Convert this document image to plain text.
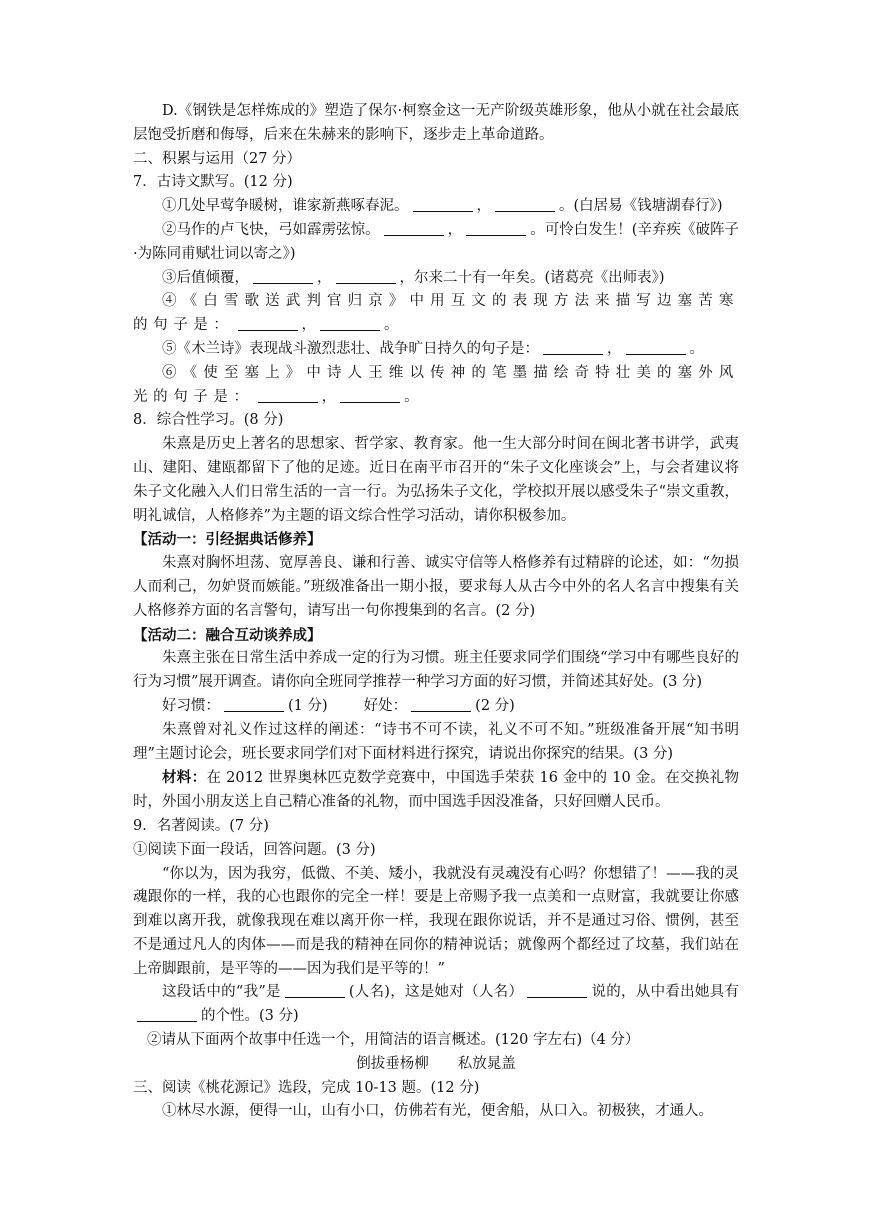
D.《钢铁是怎样炼成的》塑造了保尔·柯察金这一无产阶级英雄形象，他从小就在社会最底层饱受折磨和侮辱，后来在朱赫来的影响下，逐步走上革命道路。

二、积累与运用（27 分）

7．古诗文默写。(12 分)

①几处早莺争暖树，谁家新燕啄春泥。	，	。(白居易《钱塘湖春行》)

②马作的卢飞快，弓如霹雳弦惊。	，	。可怜白发生！(辛弃疾《破阵子·为陈同甫赋壮词以寄之》)

③后值倾覆，	，	，尔来二十有一年矣。(诸葛亮《出师表》)

④《白雪歌送武判官归京》中用互文的表现方法来描写边塞苦寒的句子是：	，	。

⑤《木兰诗》表现战斗激烈悲壮、战争旷日持久的句子是：	，	。

⑥《使至塞上》中诗人王维以传神的笔墨描绘奇特壮美的塞外风光的句子是：	，	。

8．综合性学习。(8 分)

朱熹是历史上著名的思想家、哲学家、教育家。他一生大部分时间在闽北著书讲学，武夷山、建阳、建瓯都留下了他的足迹。近日在南平市召开的“朱子文化座谈会”上，与会者建议将朱子文化融入人们日常生活的一言一行。为弘扬朱子文化，学校拟开展以感受朱子“崇文重教，明礼诚信，人格修养”为主题的语文综合性学习活动，请你积极参加。

【活动一：引经据典话修养】

朱熹对胸怀坦荡、宽厚善良、谦和行善、诚实守信等人格修养有过精辟的论述，如：“勿损人而利己，勿妒贤而嫉能。”班级准备出一期小报，要求每人从古今中外的名人名言中搜集有关人格修养方面的名言警句，请写出一句你搜集到的名言。(2 分)

【活动二：融合互动谈养成】

朱熹主张在日常生活中养成一定的行为习惯。班主任要求同学们围绕“学习中有哪些良好的行为习惯”展开调查。请你向全班同学推荐一种学习方面的好习惯，并简述其好处。(3 分)

好习惯：	(1 分) 好处：	(2 分)

朱熹曾对礼义作过这样的阐述：“诗书不可不读，礼义不可不知。”班级准备开展“知书明理”主题讨论会，班长要求同学们对下面材料进行探究，请说出你探究的结果。(3 分)

材料：在 2012 世界奥林匹克数学竞赛中，中国选手荣获 16 金中的 10 金。在交换礼物时，外国小朋友送上自己精心准备的礼物，而中国选手因没准备，只好回赠人民币。

9．名著阅读。(7 分)

①阅读下面一段话，回答问题。(3 分)

“你以为，因为我穷，低微、不美、矮小，我就没有灵魂没有心吗？你想错了！——我的灵魂跟你的一样，我的心也跟你的完全一样！要是上帝赐予我一点美和一点财富，我就要让你感到难以离开我，就像我现在难以离开你一样，我现在跟你说话，并不是通过习俗、惯例，甚至不是通过凡人的肉体——而是我的精神在同你的精神说话；就像两个都经过了坟墓，我们站在上帝脚跟前，是平等的——因为我们是平等的！”

这段话中的“我”是	(人名)，这是她对（人名）	说的，从中看出她具有的个性。(3 分)

②请从下面两个故事中任选一个，用简洁的语言概述。(120 字左右)（4 分）

倒拔垂杨柳　　私放晁盖

三、阅读《桃花源记》选段，完成 10-13 题。(12 分)

①林尽水源，便得一山，山有小口，仿佛若有光，便舍船，从口入。初极狭，才通人。
